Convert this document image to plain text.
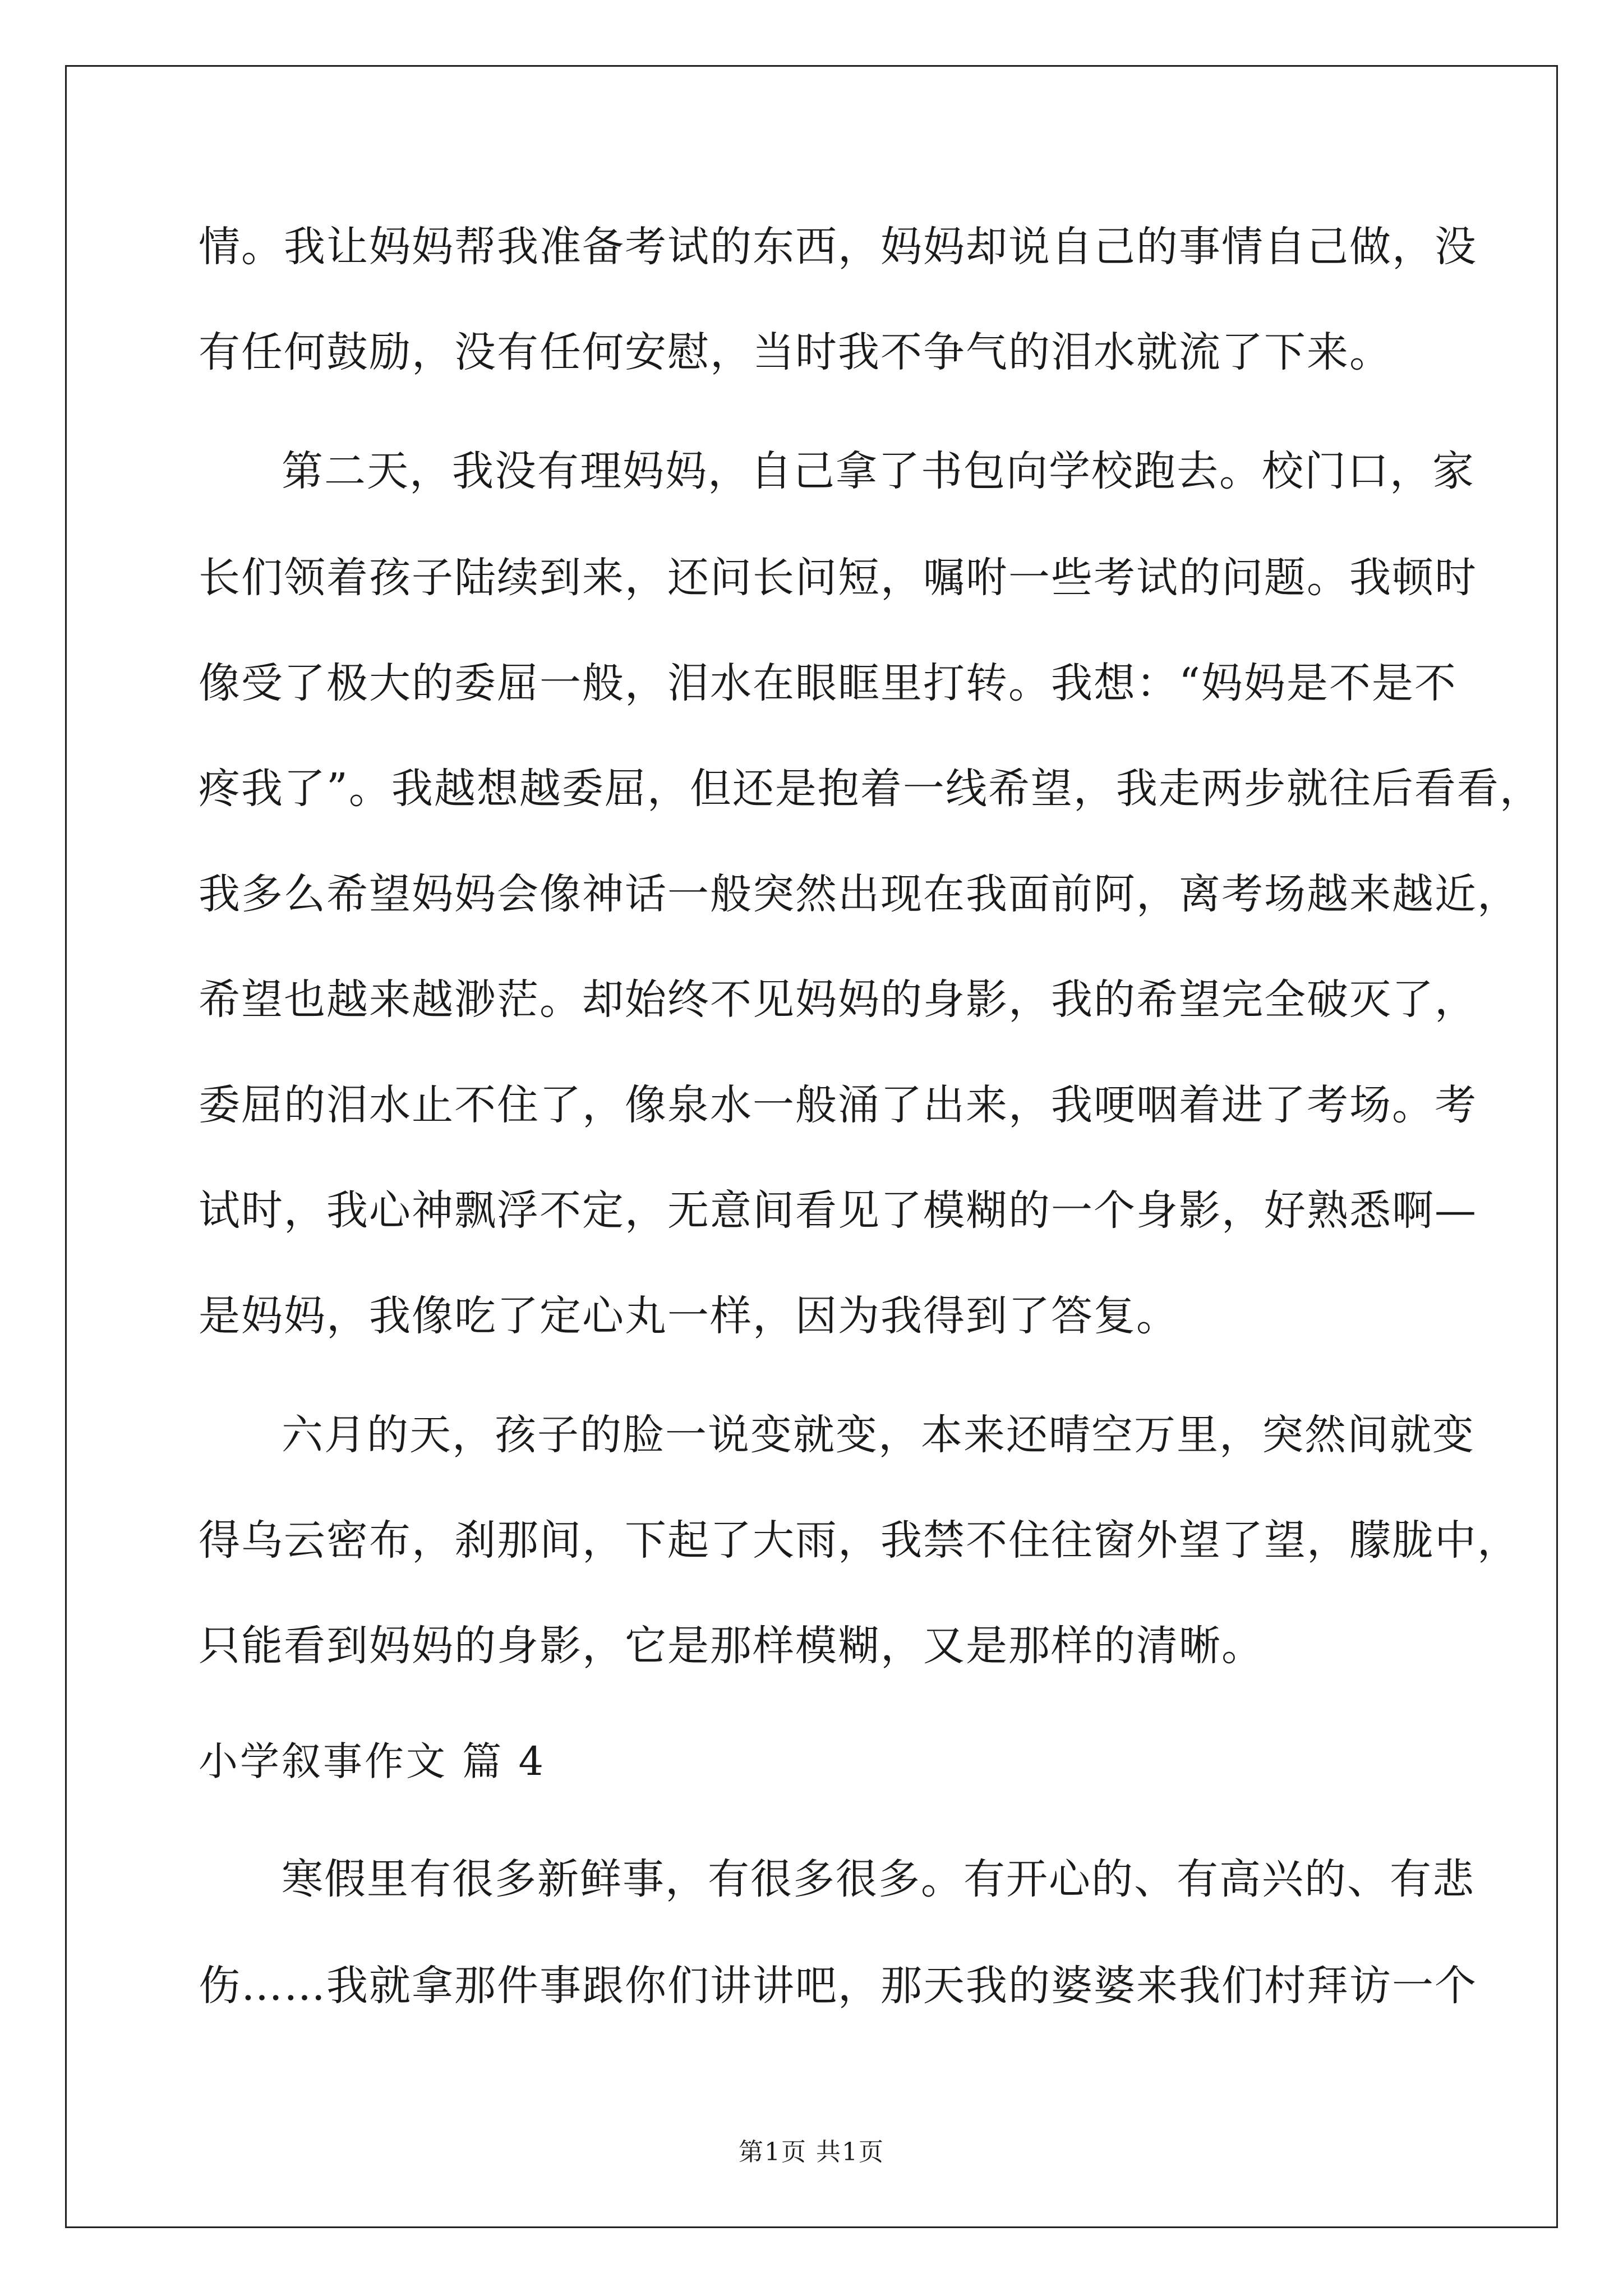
情。我让妈妈帮我准备考试的东西，妈妈却说自己的事情自己做，没
有任何鼓励，没有任何安慰，当时我不争气的泪水就流了下来。
第二天，我没有理妈妈，自己拿了书包向学校跑去。校门口，家
长们领着孩子陆续到来，还问长问短，嘱咐一些考试的问题。我顿时
像受了极大的委屈一般，泪水在眼眶里打转。我想：“妈妈是不是不
疼我了”。我越想越委屈，但还是抱着一线希望，我走两步就往后看看，
我多么希望妈妈会像神话一般突然出现在我面前阿，离考场越来越近，
希望也越来越渺茫。却始终不见妈妈的身影，我的希望完全破灭了，
委屈的泪水止不住了，像泉水一般涌了出来，我哽咽着进了考场。考
试时，我心神飘浮不定，无意间看见了模糊的一个身影，好熟悉啊—
是妈妈，我像吃了定心丸一样，因为我得到了答复。
六月的天，孩子的脸一说变就变，本来还晴空万里，突然间就变
得乌云密布，刹那间，下起了大雨，我禁不住往窗外望了望，朦胧中，
只能看到妈妈的身影，它是那样模糊，又是那样的清晰。
小学叙事作文 篇 4
寒假里有很多新鲜事，有很多很多。有开心的、有高兴的、有悲
伤……我就拿那件事跟你们讲讲吧，那天我的婆婆来我们村拜访一个
第1页 共1页
